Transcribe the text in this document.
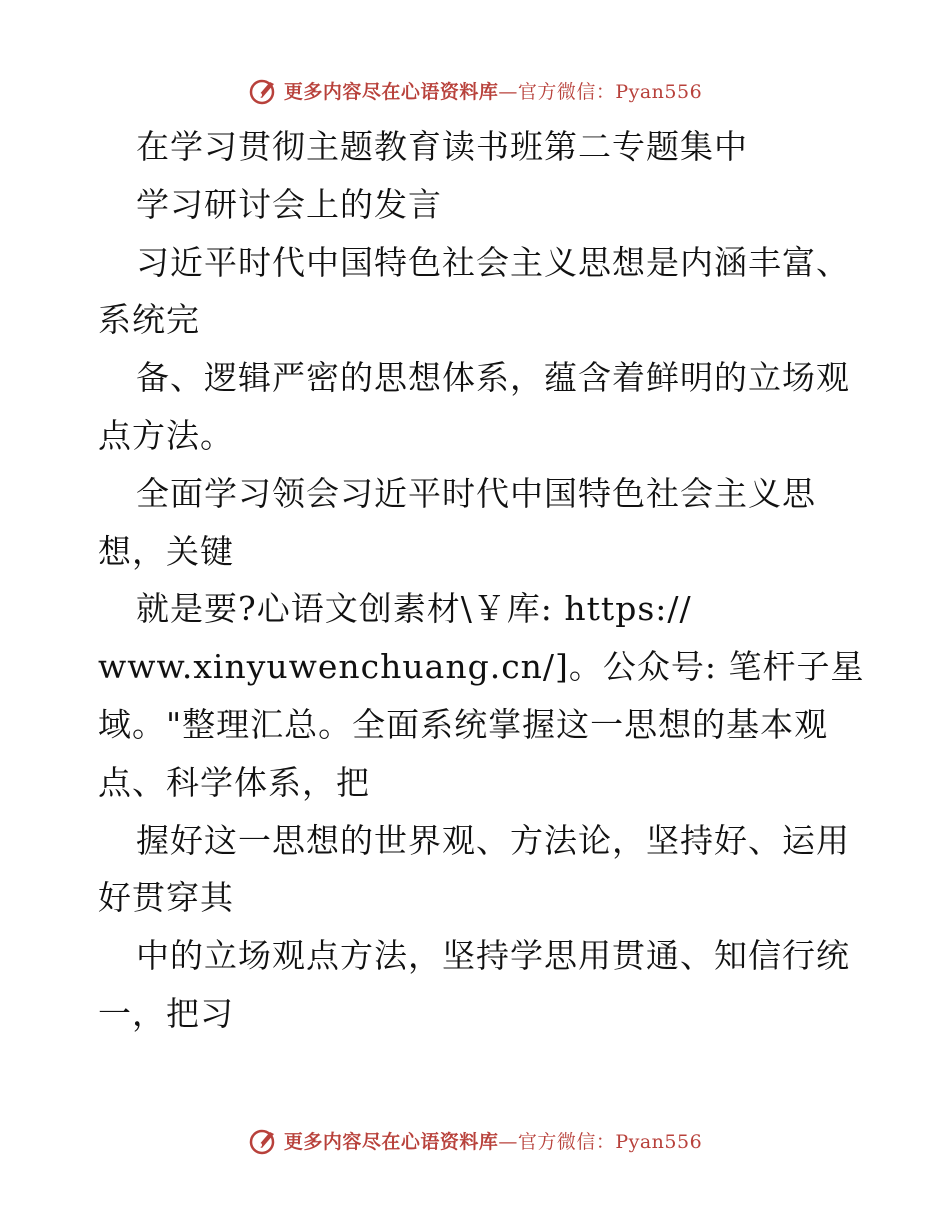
更多内容尽在心语资料库—官方微信：Pyan556
在学习贯彻主题教育读书班第二专题集中
学习研讨会上的发言
习近平时代中国特色社会主义思想是内涵丰富、
系统完
备、逻辑严密的思想体系，蕴含着鲜明的立场观
点方法。
全面学习领会习近平时代中国特色社会主义思
想，关键
就是要?心语文创素材\￥库: https://
www.xinyuwenchuang.cn/]。公众号: 笔杆子星
域。"整理汇总。全面系统掌握这一思想的基本观
点、科学体系，把
握好这一思想的世界观、方法论，坚持好、运用
好贯穿其
中的立场观点方法，坚持学思用贯通、知信行统
一，把习
更多内容尽在心语资料库—官方微信：Pyan556
